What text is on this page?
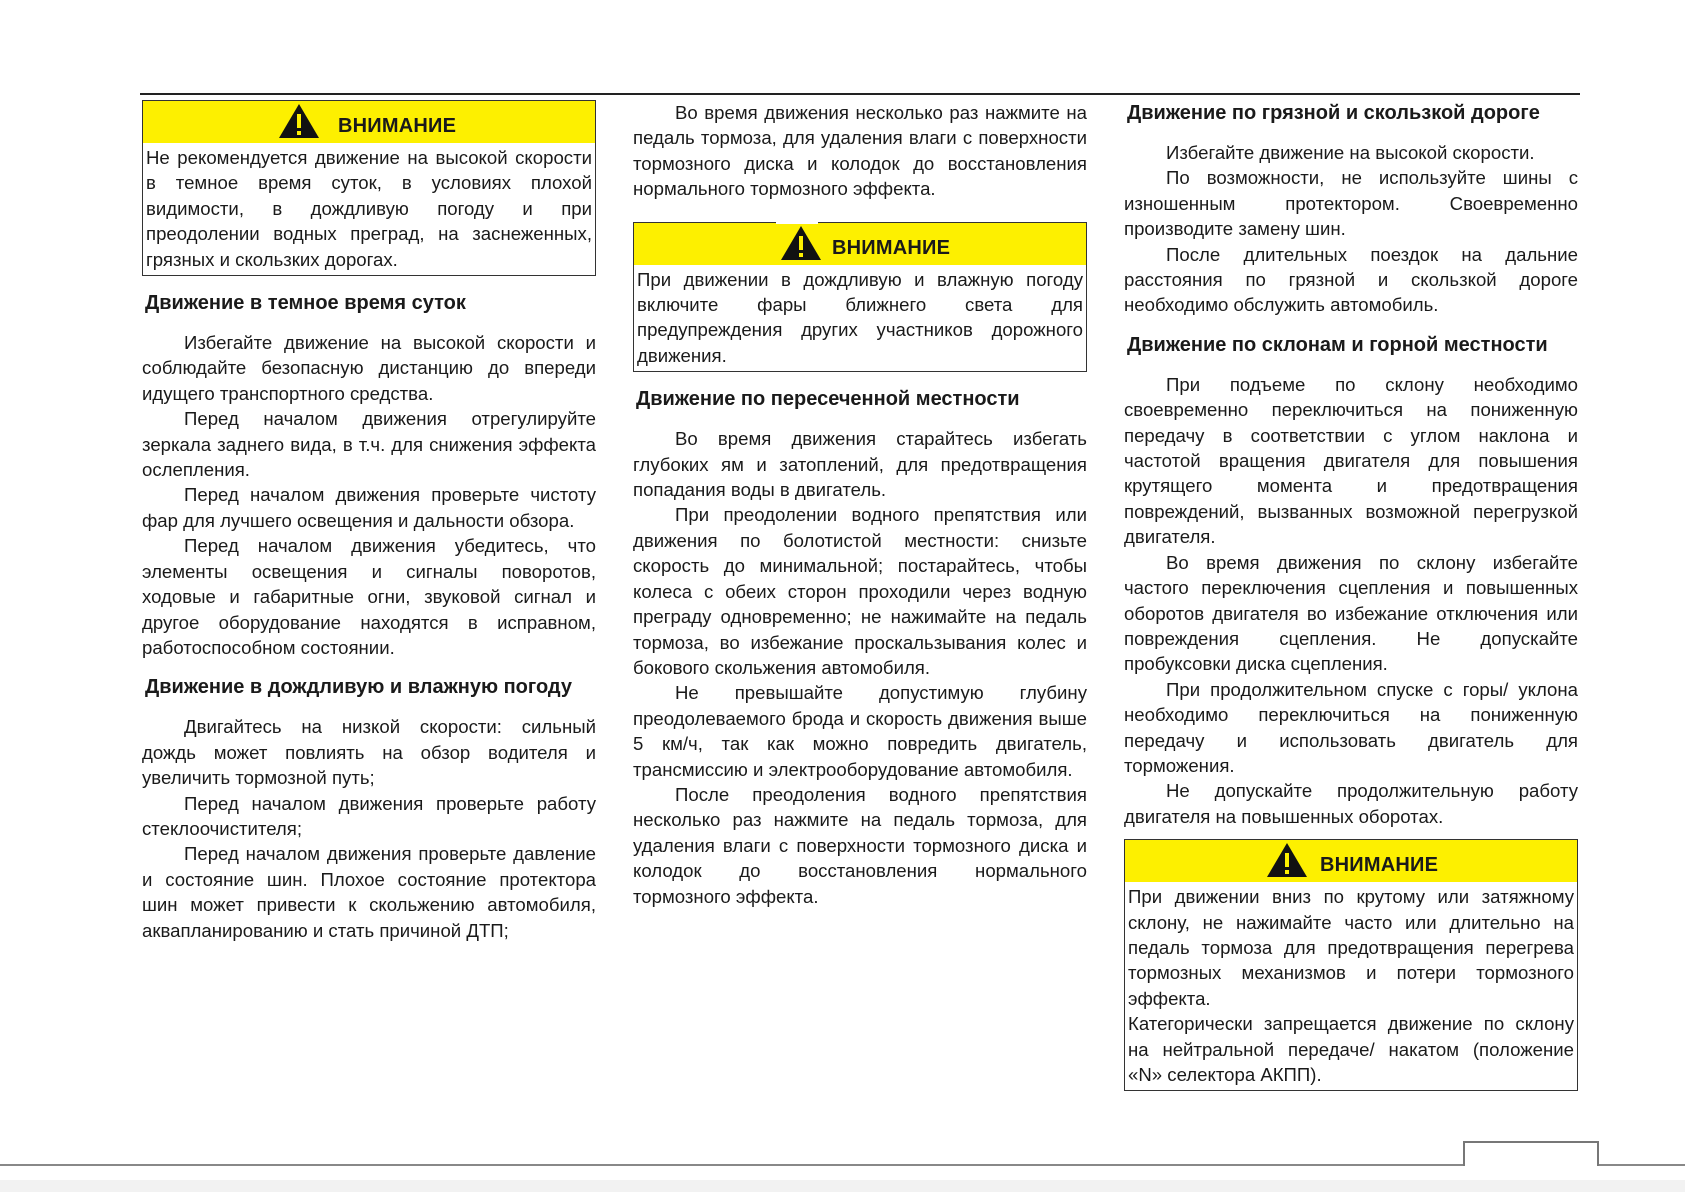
ВНИМАНИЕ

Не рекомендуется движение на высокой скорости в темное время суток, в условиях плохой видимости, в дождливую погоду и при преодолении водных преград, на заснеженных, грязных и скользких дорогах.

Движение в темное время суток

Избегайте движение на высокой скорости и соблюдайте безопасную дистанцию до впереди идущего транспортного средства.

Перед началом движения отрегулируйте зеркала заднего вида, в т.ч. для снижения эффекта ослепления.

Перед началом движения проверьте чистоту фар для лучшего освещения и дальности обзора.

Перед началом движения убедитесь, что элементы освещения и сигналы поворотов, ходовые и габаритные огни, звуковой сигнал и другое оборудование находятся в исправном, работоспособном состоянии.

Движение в дождливую и влажную погоду

Двигайтесь на низкой скорости: сильный дождь может повлиять на обзор водителя и увеличить тормозной путь;

Перед началом движения проверьте работу стеклоочистителя;

Перед началом движения проверьте давление и состояние шин. Плохое состояние протектора шин может привести к скольжению автомобиля, аквапланированию и стать причиной ДТП;

Во время движения несколько раз нажмите на педаль тормоза, для удаления влаги с поверхности тормозного диска и колодок до восстановления нормального тормозного эффекта.

ВНИМАНИЕ

При движении в дождливую и влажную погоду включите фары ближнего света для предупреждения других участников дорожного движения.

Движение по пересеченной местности

Во время движения старайтесь избегать глубоких ям и затоплений, для предотвращения попадания воды в двигатель.

При преодолении водного препятствия или движения по болотистой местности: снизьте скорость до минимальной; постарайтесь, чтобы колеса с обеих сторон проходили через водную преграду одновременно; не нажимайте на педаль тормоза, во избежание проскальзывания колес и бокового скольжения автомобиля.

Не превышайте допустимую глубину преодолеваемого брода и скорость движения выше 5 км/ч, так как можно повредить двигатель, трансмиссию и электрооборудование автомобиля.

После преодоления водного препятствия несколько раз нажмите на педаль тормоза, для удаления влаги с поверхности тормозного диска и колодок до восстановления нормального тормозного эффекта.

Движение по грязной и скользкой дороге

Избегайте движение на высокой скорости.

По возможности, не используйте шины с изношенным протектором. Своевременно производите замену шин.

После длительных поездок на дальние расстояния по грязной и скользкой дороге необходимо обслужить автомобиль.

Движение по склонам и горной местности

При подъеме по склону необходимо своевременно переключиться на пониженную передачу в соответствии с углом наклона и частотой вращения двигателя для повышения крутящего момента и предотвращения повреждений, вызванных возможной перегрузкой двигателя.

Во время движения по склону избегайте частого переключения сцепления и повышенных оборотов двигателя во избежание отключения или повреждения сцепления. Не допускайте пробуксовки диска сцепления.

При продолжительном спуске с горы/ уклона необходимо переключиться на пониженную передачу и использовать двигатель для торможения.

Не допускайте продолжительную работу двигателя на повышенных оборотах.

ВНИМАНИЕ

При движении вниз по крутому или затяжному склону, не нажимайте часто или длительно на педаль тормоза для предотвращения перегрева тормозных механизмов и потери тормозного эффекта.

Категорически запрещается движение по склону на нейтральной передаче/ накатом (положение «N» селектора АКПП).
